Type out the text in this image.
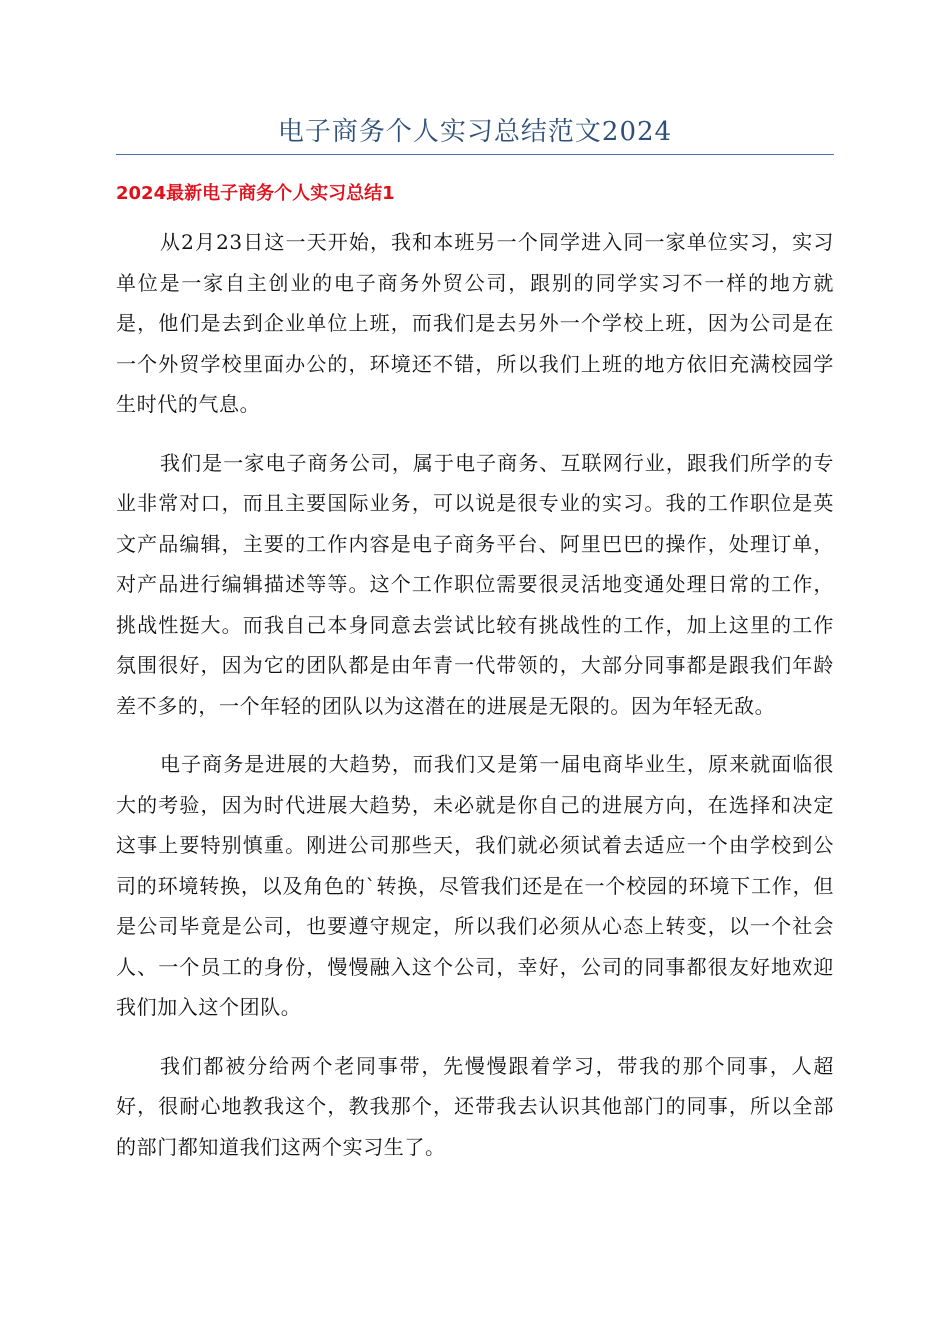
电子商务个人实习总结范文2024
2024最新电子商务个人实习总结1

从2月23日这一天开始，我和本班另一个同学进入同一家单位实习，实习单位是一家自主创业的电子商务外贸公司，跟别的同学实习不一样的地方就是，他们是去到企业单位上班，而我们是去另外一个学校上班，因为公司是在一个外贸学校里面办公的，环境还不错，所以我们上班的地方依旧充满校园学生时代的气息。

我们是一家电子商务公司，属于电子商务、互联网行业，跟我们所学的专业非常对口，而且主要国际业务，可以说是很专业的实习。我的工作职位是英文产品编辑，主要的工作内容是电子商务平台、阿里巴巴的操作，处理订单，对产品进行编辑描述等等。这个工作职位需要很灵活地变通处理日常的工作，挑战性挺大。而我自己本身同意去尝试比较有挑战性的工作，加上这里的工作氛围很好，因为它的团队都是由年青一代带领的，大部分同事都是跟我们年龄差不多的，一个年轻的团队以为这潜在的进展是无限的。因为年轻无敌。

电子商务是进展的大趋势，而我们又是第一届电商毕业生，原来就面临很大的考验，因为时代进展大趋势，未必就是你自己的进展方向，在选择和决定这事上要特别慎重。刚进公司那些天，我们就必须试着去适应一个由学校到公司的环境转换，以及角色的`转换，尽管我们还是在一个校园的环境下工作，但是公司毕竟是公司，也要遵守规定，所以我们必须从心态上转变，以一个社会人、一个员工的身份，慢慢融入这个公司，幸好，公司的同事都很友好地欢迎我们加入这个团队。

我们都被分给两个老同事带，先慢慢跟着学习，带我的那个同事，人超好，很耐心地教我这个，教我那个，还带我去认识其他部门的同事，所以全部的部门都知道我们这两个实习生了。
